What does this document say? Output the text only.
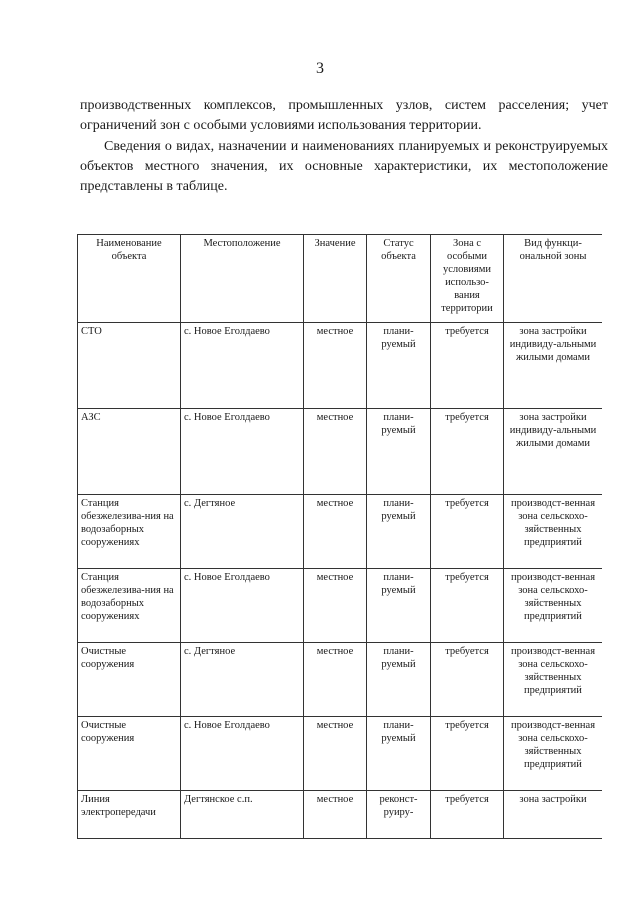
3

производственных комплексов, промышленных узлов, систем расселения; учет ограничений зон с особыми условиями использования территории.

Сведения о видах, назначении и наименованиях планируемых и реконструируемых объектов местного значения, их основные характеристики, их местоположение представлены в таблице.

Наименование объекта	Местоположение	Значение	Статус объекта	Зона с особыми условиями использо-вания территории	Вид функци-ональной зоны
СТО	с. Новое Еголдаево	местное	плани-руемый	требуется	зона застройки индивиду-альными жилыми домами
АЗС	с. Новое Еголдаево	местное	плани-руемый	требуется	зона застройки индивиду-альными жилыми домами
Станция обезжелезива-ния на водозаборных сооружениях	с. Дегтяное	местное	плани-руемый	требуется	производст-венная зона сельскохо-зяйственных предприятий
Станция обезжелезива-ния на водозаборных сооружениях	с. Новое Еголдаево	местное	плани-руемый	требуется	производст-венная зона сельскохо-зяйственных предприятий
Очистные сооружения	с. Дегтяное	местное	плани-руемый	требуется	производст-венная зона сельскохо-зяйственных предприятий
Очистные сооружения	с. Новое Еголдаево	местное	плани-руемый	требуется	производст-венная зона сельскохо-зяйственных предприятий
Линия электропередачи	Дегтянское с.п.	местное	реконст-руиру-	требуется	зона застройки
